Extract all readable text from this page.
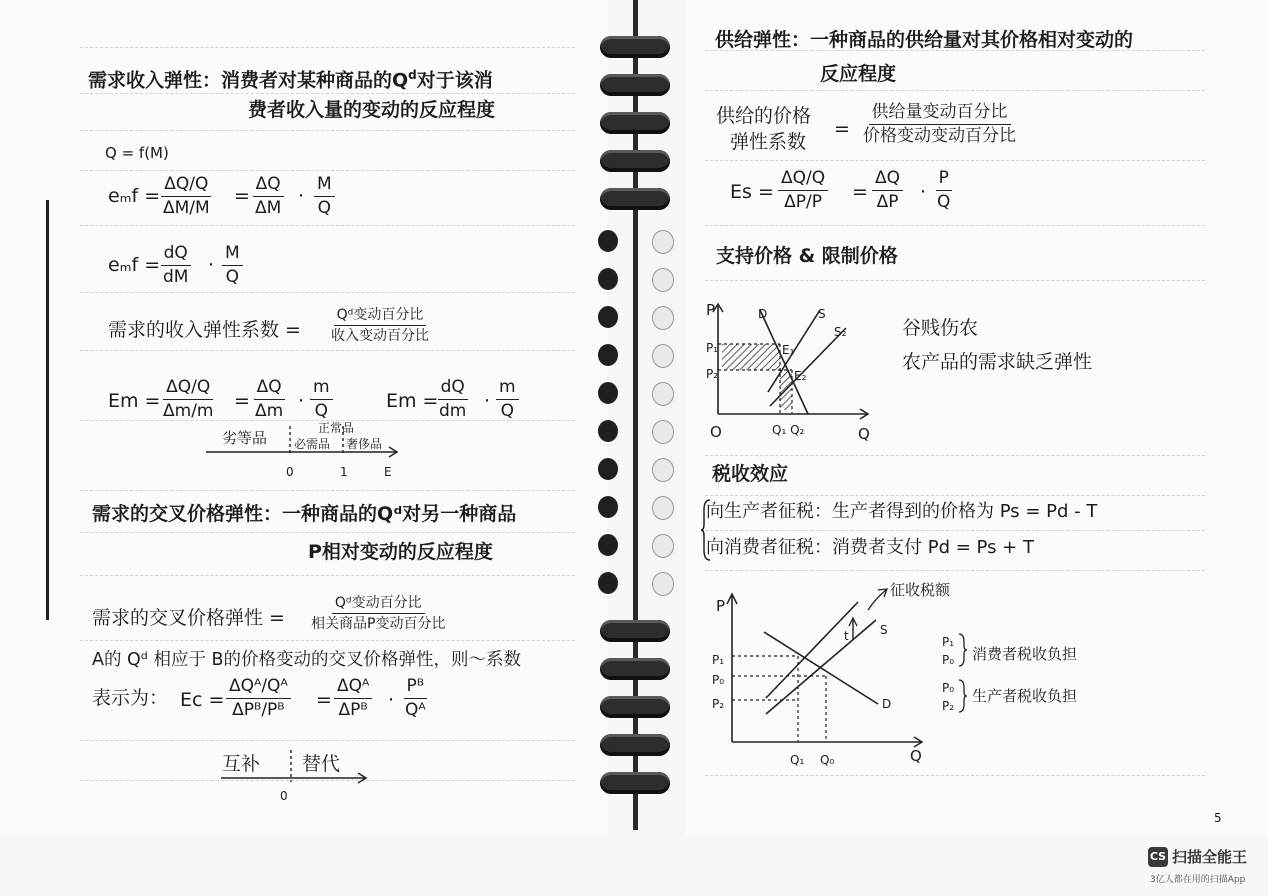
需求收入弹性：消费者对某种商品的$Q^d$对于该消
费者收入量的变动的反应程度
Q = f(M)
$e_mf = \frac{\Delta Q/Q}{\Delta M/M} = \frac{\Delta Q}{\Delta M} \cdot \frac{M}{Q}$
$e_mf = \frac{dQ}{dM} \cdot \frac{M}{Q}$
需求的收入弹性系数 =
Qᵈ变动百分比
收入变动百分比
$Em = \frac{\Delta Q/Q}{\Delta m/m} = \frac{\Delta Q}{\Delta m} \cdot \frac{m}{Q}$	Em =
$\frac{dQ}{dm} \cdot \frac{m}{Q}$
劣等品
正常品
必需品 奢侈品
0	1	E
需求的交叉价格弹性：一种商品的Qᵈ对另一种商品
P相对变动的反应程度
需求的交叉价格弹性 =
Qᵈ变动百分比
相关商品P变动百分比
A的 Qᵈ 相应于 B的价格变动的交叉价格弹性，则～系数
表示为： Ec =
ΔQᴬ/Qᴬ
ΔPᴮ/Pᴮ =
ΔQᴬ
ΔPᴮ · $\frac{\text{Pᴮ}}{\text{Qᴬ}}$
互补 替代
0
供给弹性：一种商品的供给量对其价格相对变动的
反应程度
供给的价格
弹性系数
=
供给量变动百分比
价格变动变动百分比
$Es = \frac{\Delta Q/Q}{\Delta P/P} = \frac{\Delta Q}{\Delta P} \cdot \frac{P}{Q}$
支持价格 & 限制价格
P	D	S
S₂
P₁
P₂
E₁
E₂
O	Q₁ Q₂	Q
谷贱伤农
农产品的需求缺乏弹性
税收效应
向生产者征税：生产者得到的价格为 Ps = Pd - T
向消费者征税：消费者支付 Pd = Ps + T
P
征收税额
t	S
D
P₁
P₀
P₂
Q₁ Q₀	Q
P₁
P₀ 消费者税收负担
P₀
P₂
生产者税收负担
5
CS 扫描全能王
3亿人都在用的扫描App
